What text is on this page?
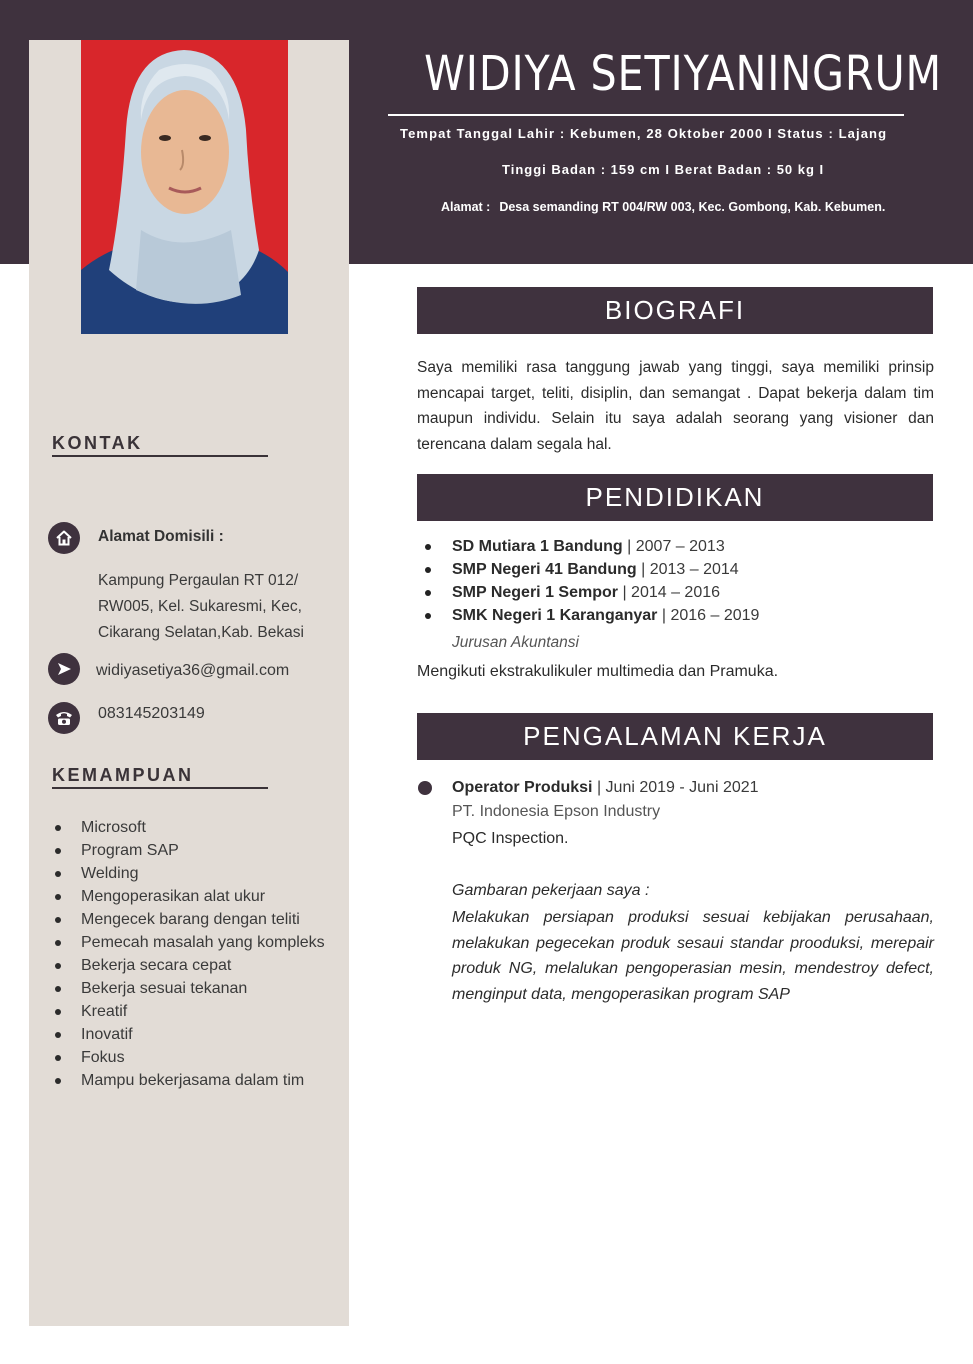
WIDIYA SETIYANINGRUM
Tempat Tanggal Lahir : Kebumen, 28 Oktober 2000 I Status : Lajang
Tinggi Badan : 159 cm I Berat Badan : 50 kg I
Alamat : Desa semanding RT 004/RW 003, Kec. Gombong, Kab. Kebumen.
KONTAK
Alamat Domisili :
Kampung Pergaulan RT 012/ RW005, Kel. Sukaresmi, Kec, Cikarang Selatan,Kab. Bekasi
widiyasetiya36@gmail.com
083145203149
KEMAMPUAN
Microsoft
Program SAP
Welding
Mengoperasikan alat ukur
Mengecek barang dengan teliti
Pemecah masalah yang kompleks
Bekerja secara cepat
Bekerja sesuai tekanan
Kreatif
Inovatif
Fokus
Mampu bekerjasama dalam tim
BIOGRAFI
Saya memiliki rasa tanggung jawab yang tinggi, saya memiliki prinsip mencapai target, teliti, disiplin, dan semangat . Dapat bekerja dalam tim maupun individu. Selain itu saya adalah seorang yang visioner dan terencana dalam segala hal.
PENDIDIKAN
SD Mutiara 1 Bandung | 2007 – 2013
SMP Negeri 41 Bandung | 2013 – 2014
SMP Negeri 1 Sempor | 2014 – 2016
SMK Negeri 1 Karanganyar | 2016 – 2019
Jurusan Akuntansi
Mengikuti ekstrakulikuler multimedia dan Pramuka.
PENGALAMAN KERJA
Operator Produksi | Juni 2019 - Juni 2021
PT. Indonesia Epson Industry
PQC Inspection.
Gambaran pekerjaan saya :
Melakukan persiapan produksi sesuai kebijakan perusahaan, melakukan pegecekan produk sesaui standar prooduksi, merepair produk NG, melalukan pengoperasian mesin, mendestroy defect, menginput data, mengoperasikan program SAP
